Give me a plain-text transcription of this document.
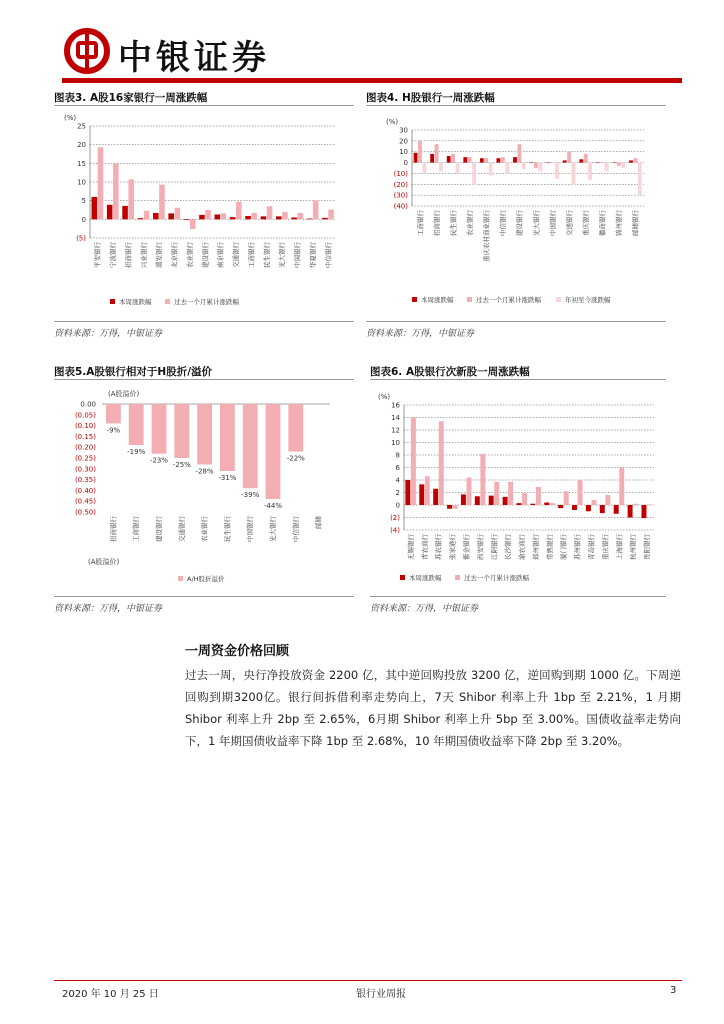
中银证券
图表3. A股16家银行一周涨跌幅
(%)
25
20
15
10
5
0
(5)
平安银行 宁波银行 招商银行 兴业银行 浦发银行 北京银行 农业银行 建设银行 南京银行 交通银行 工商银行 民生银行 光大银行 中国银行 华夏银行 中信银行
本周涨跌幅	过去一个月累计涨跌幅
资料来源：万得，中银证券
图表4. H股银行一周涨跌幅
(%)
30
20
10
0
(10)
(20)
(30)
(40)
工商银行 招商银行 民生银行 农业银行 重庆农村商业银行 中信银行 建设银行 光大银行 中国银行 交通银行 重庆银行 徽商银行 锦州银行 邮储银行
本周涨跌幅	过去一个月累计涨跌幅	年初至今涨跌幅
资料来源：万得，中银证券
图表5.A股银行相对于H股折/溢价
(A股溢价)
0.00
(0.05)
(0.10)
(0.15)
(0.20)
(0.25)
(0.30)
(0.35)
(0.40)
(0.45)
(0.50)
-9%
招商银行
-19%
工商银行
-23%
建设银行
-25%
交通银行
-28%
农业银行
-31%
民生银行
-39%
中国银行
-44%
光大银行
-22%
中信银行 邮储
(A股溢价)
A/H股折溢价
资料来源：万得，中银证券
图表6. A股银行次新股一周涨跌幅
(%)
16
14
12
10
8
6
4
2
0
(2)
(4)
无锡银行 青农商行 苏农银行 张家港行 紫金银行 西安银行 江阴银行 长沙银行 渝农商行 郑州银行 常熟银行 厦门银行 苏州银行 青岛银行 重庆银行 上海银行 杭州银行 贵阳银行
本周涨跌幅	过去一个月累计涨跌幅
资料来源：万得，中银证券
一周资金价格回顾
过去一周，央行净投放资金 2200 亿，其中逆回购投放 3200 亿，逆回购到期 1000 亿。下周逆回购到期3200亿。银行间拆借利率走势向上，7天 Shibor 利率上升 1bp 至 2.21%，1 月期 Shibor 利率上升 2bp 至 2.65%，6月期 Shibor 利率上升 5bp 至 3.00%。国债收益率走势向下，1 年期国债收益率下降 1bp 至 2.68%，10 年期国债收益率下降 2bp 至 3.20%。
2020 年 10 月 25 日	银行业周报	3
